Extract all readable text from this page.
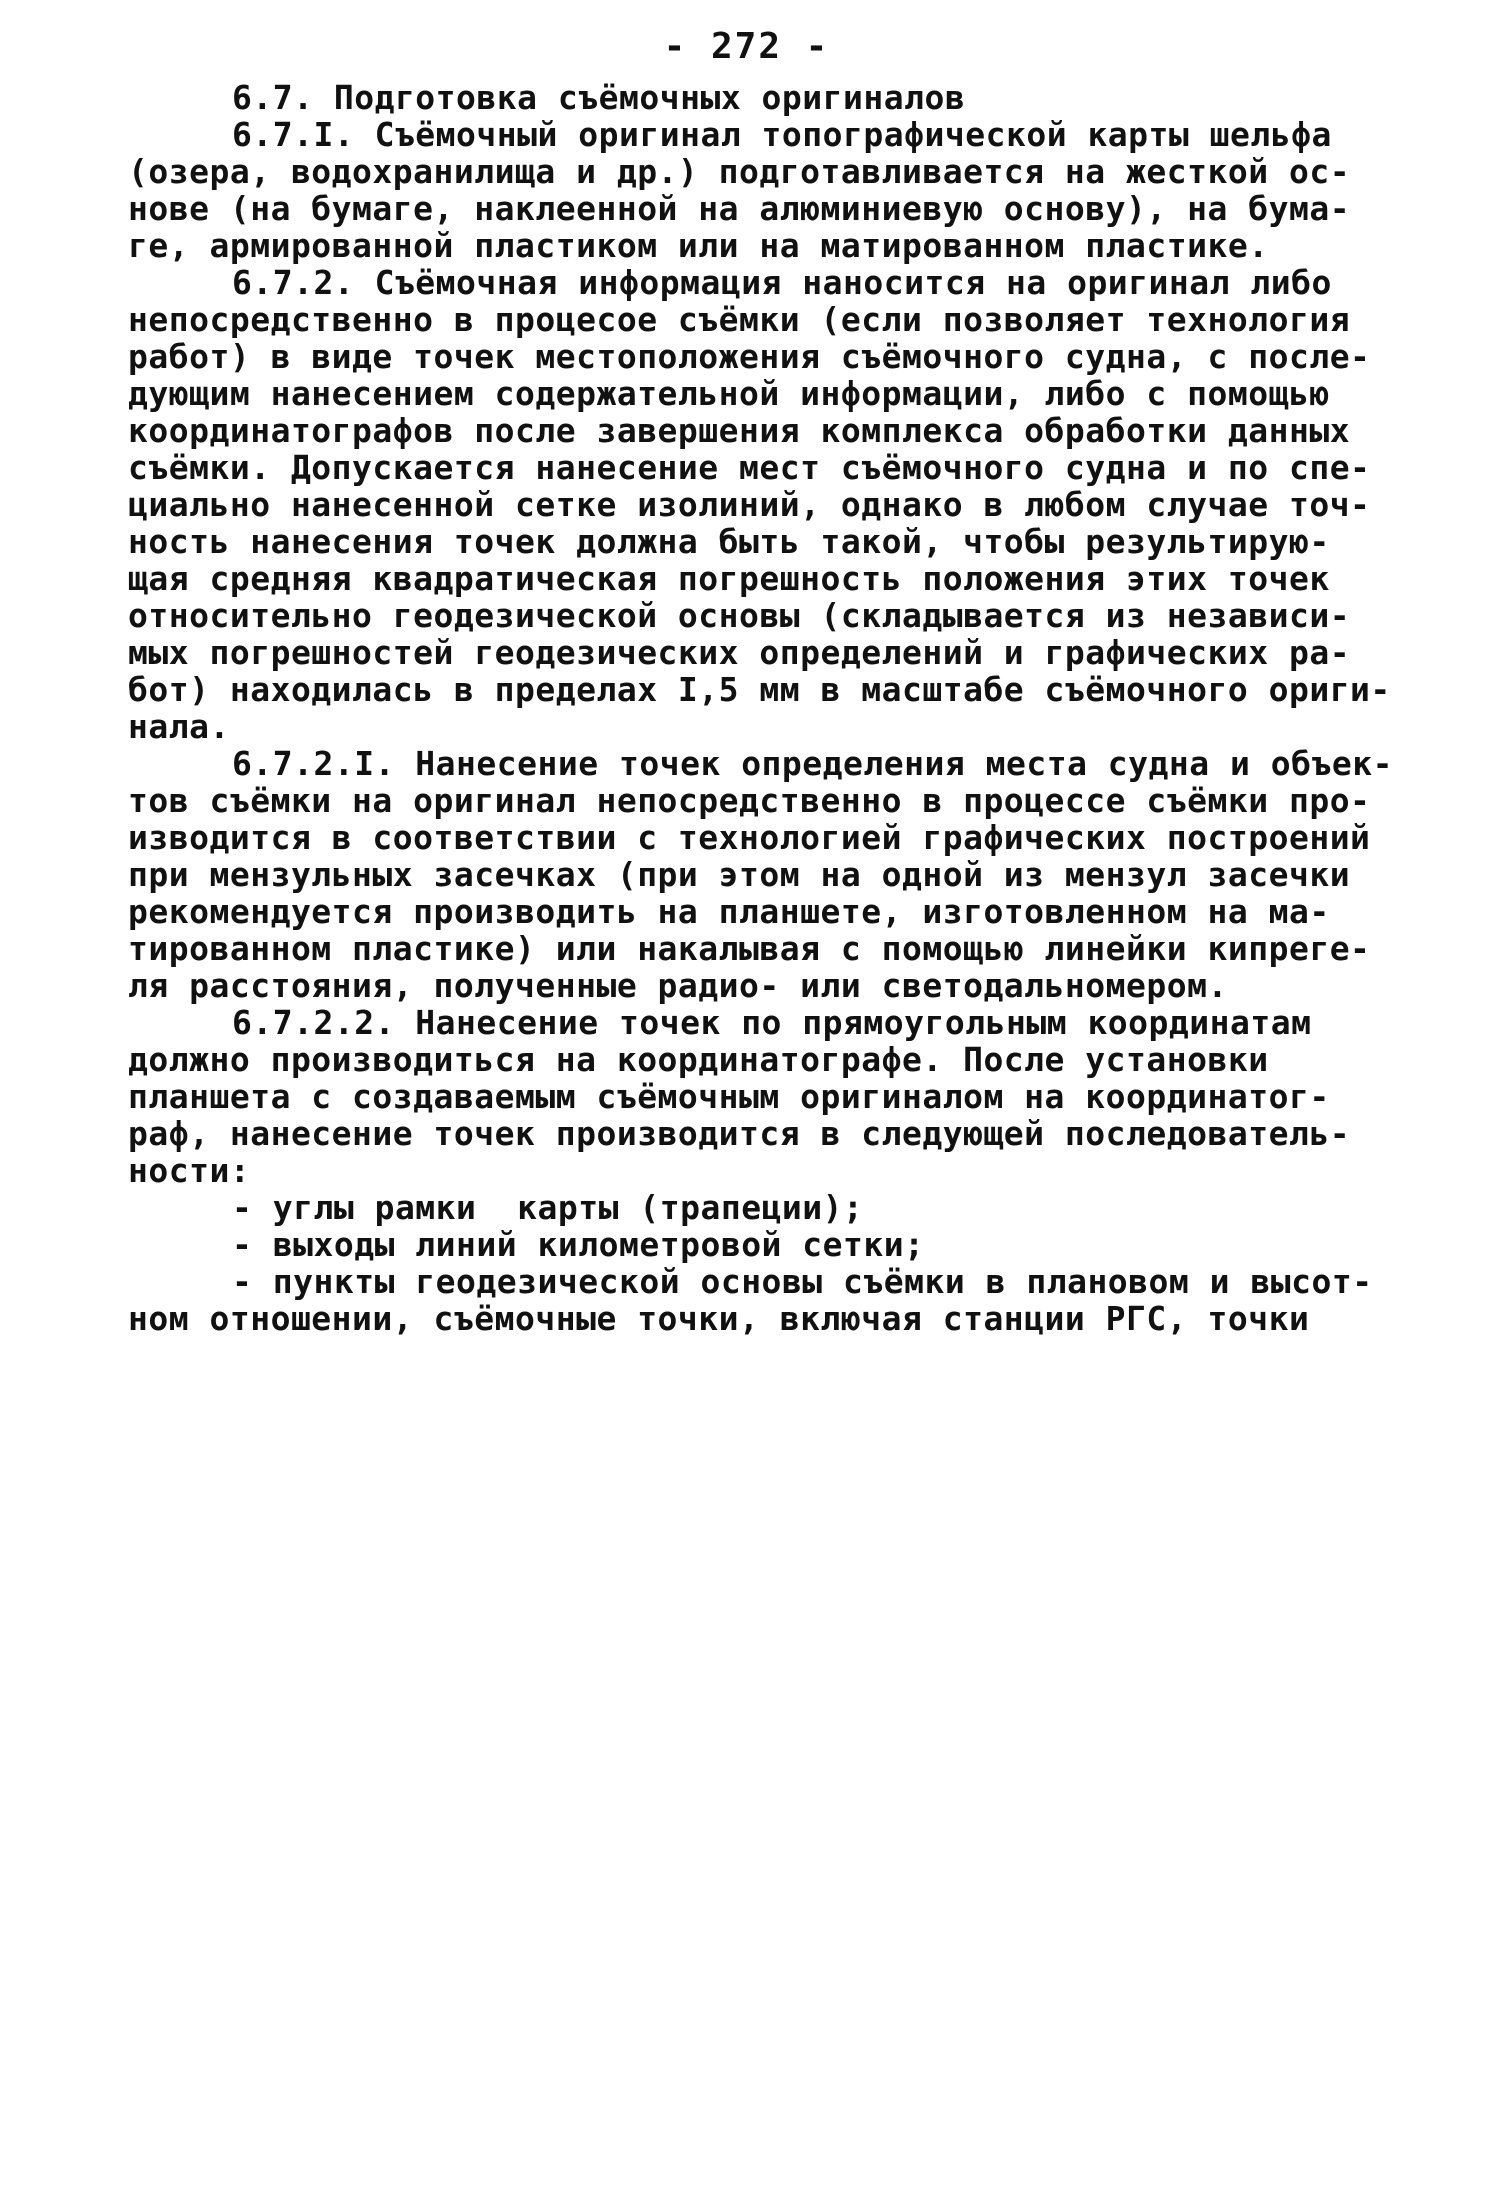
- 272 -
6.7. Подготовка съёмочных оригиналов
6.7.I. Съёмочный оригинал топографической карты шельфа
(озера, водохранилища и др.) подготавливается на жесткой ос-
нове (на бумаге, наклеенной на алюминиевую основу), на бума-
ге, армированной пластиком или на матированном пластике.
6.7.2. Съёмочная информация наносится на оригинал либо
непосредственно в процесое съёмки (если позволяет технология
работ) в виде точек местоположения съёмочного судна, с после-
дующим нанесением содержательной информации, либо с помощью
координатографов после завершения комплекса обработки данных
съёмки. Допускается нанесение мест съёмочного судна и по спе-
циально нанесенной сетке изолиний, однако в любом случае точ-
ность нанесения точек должна быть такой, чтобы результирую-
щая средняя квадратическая погрешность положения этих точек
относительно геодезической основы (складывается из независи-
мых погрешностей геодезических определений и графических ра-
бот) находилась в пределах I,5 мм в масштабе съёмочного ориги-
нала.
6.7.2.I. Нанесение точек определения места судна и объек-
тов съёмки на оригинал непосредственно в процессе съёмки про-
изводится в соответствии с технологией графических построений
при мензульных засечках (при этом на одной из мензул засечки
рекомендуется производить на планшете, изготовленном на ма-
тированном пластике) или накалывая с помощью линейки кипреге-
ля расстояния, полученные радио- или светодальномером.
6.7.2.2. Нанесение точек по прямоугольным координатам
должно производиться на координатографе. После установки
планшета с создаваемым съёмочным оригиналом на координатог-
раф, нанесение точек производится в следующей последователь-
ности:
- углы рамки  карты (трапеции);
- выходы линий километровой сетки;
- пункты геодезической основы съёмки в плановом и высот-
ном отношении, съёмочные точки, включая станции РГС, точки
